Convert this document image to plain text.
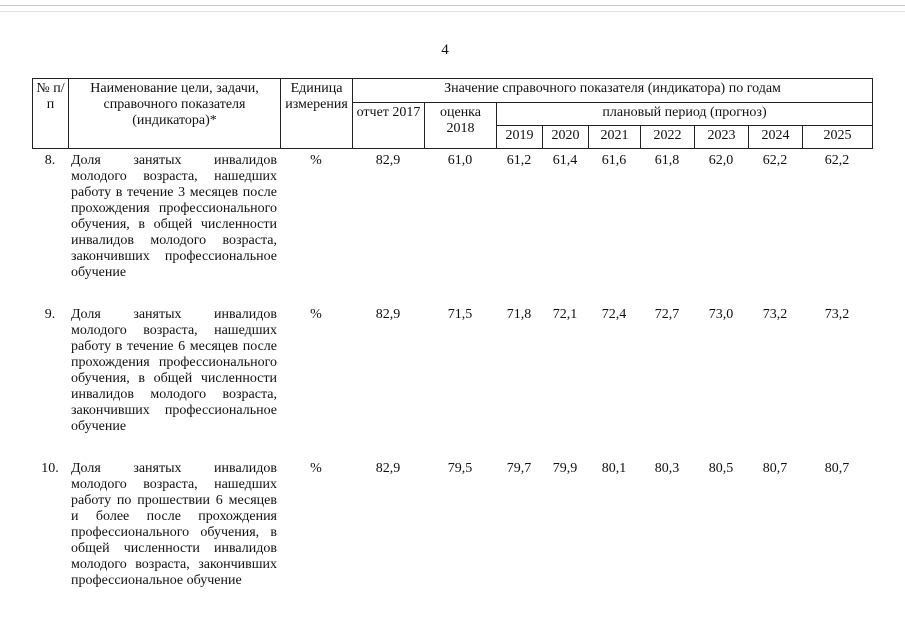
4
№ п/п	Наименование цели, задачи, справочного показателя (индикатора)*	Единица измерения	Значение справочного показателя (индикатора) по годам								
			отчет 2017	оценка 2018	плановый период (прогноз)						
					2019	2020	2021	2022	2023	2024	2025
8.	Доля занятых инвалидов молодого возраста, нашедших работу в течение 3 месяцев после прохождения профессионального обучения, в общей численности инвалидов молодого возраста, закончивших профессиональное обучение	%	82,9	61,0	61,2	61,4	61,6	61,8	62,0	62,2	62,2
9.	Доля занятых инвалидов молодого возраста, нашедших работу в течение 6 месяцев после прохождения профессионального обучения, в общей численности инвалидов молодого возраста, закончивших профессиональное обучение	%	82,9	71,5	71,8	72,1	72,4	72,7	73,0	73,2	73,2
10.	Доля занятых инвалидов молодого возраста, нашедших работу по прошествии 6 месяцев и более после прохождения профессионального обучения, в общей численности инвалидов молодого возраста, закончивших профессиональное обучение	%	82,9	79,5	79,7	79,9	80,1	80,3	80,5	80,7	80,7
